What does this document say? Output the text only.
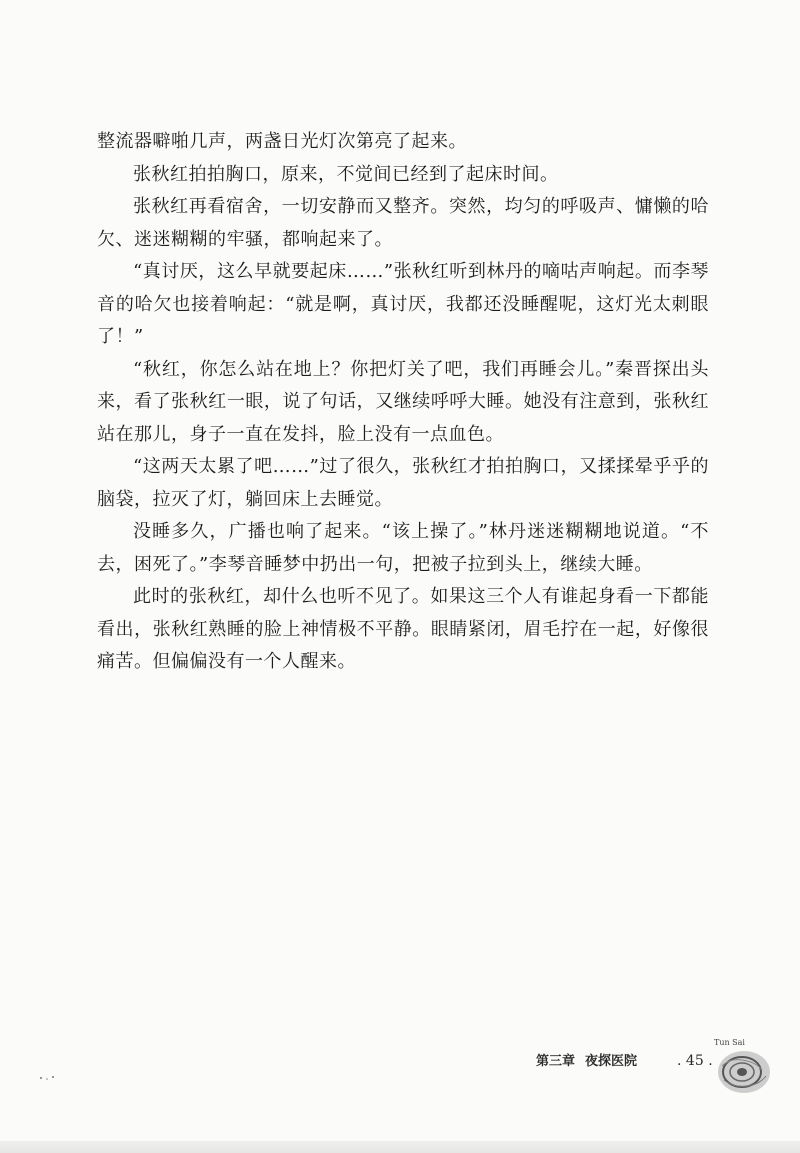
整流器噼啪几声，两盏日光灯次第亮了起来。

张秋红拍拍胸口，原来，不觉间已经到了起床时间。

张秋红再看宿舍，一切安静而又整齐。突然，均匀的呼吸声、慵懒的哈欠、迷迷糊糊的牢骚，都响起来了。

“真讨厌，这么早就要起床……”张秋红听到林丹的嘀咕声响起。而李琴音的哈欠也接着响起：“就是啊，真讨厌，我都还没睡醒呢，这灯光太刺眼了！”

“秋红，你怎么站在地上？你把灯关了吧，我们再睡会儿。”秦晋探出头来，看了张秋红一眼，说了句话，又继续呼呼大睡。她没有注意到，张秋红站在那儿，身子一直在发抖，脸上没有一点血色。

“这两天太累了吧……”过了很久，张秋红才拍拍胸口，又揉揉晕乎乎的脑袋，拉灭了灯，躺回床上去睡觉。

没睡多久，广播也响了起来。“该上操了。”林丹迷迷糊糊地说道。“不去，困死了。”李琴音睡梦中扔出一句，把被子拉到头上，继续大睡。

此时的张秋红，却什么也听不见了。如果这三个人有谁起身看一下都能看出，张秋红熟睡的脸上神情极不平静。眼睛紧闭，眉毛拧在一起，好像很痛苦。但偏偏没有一个人醒来。

第三章 夜探医院	. 45 .
Tun Sai
